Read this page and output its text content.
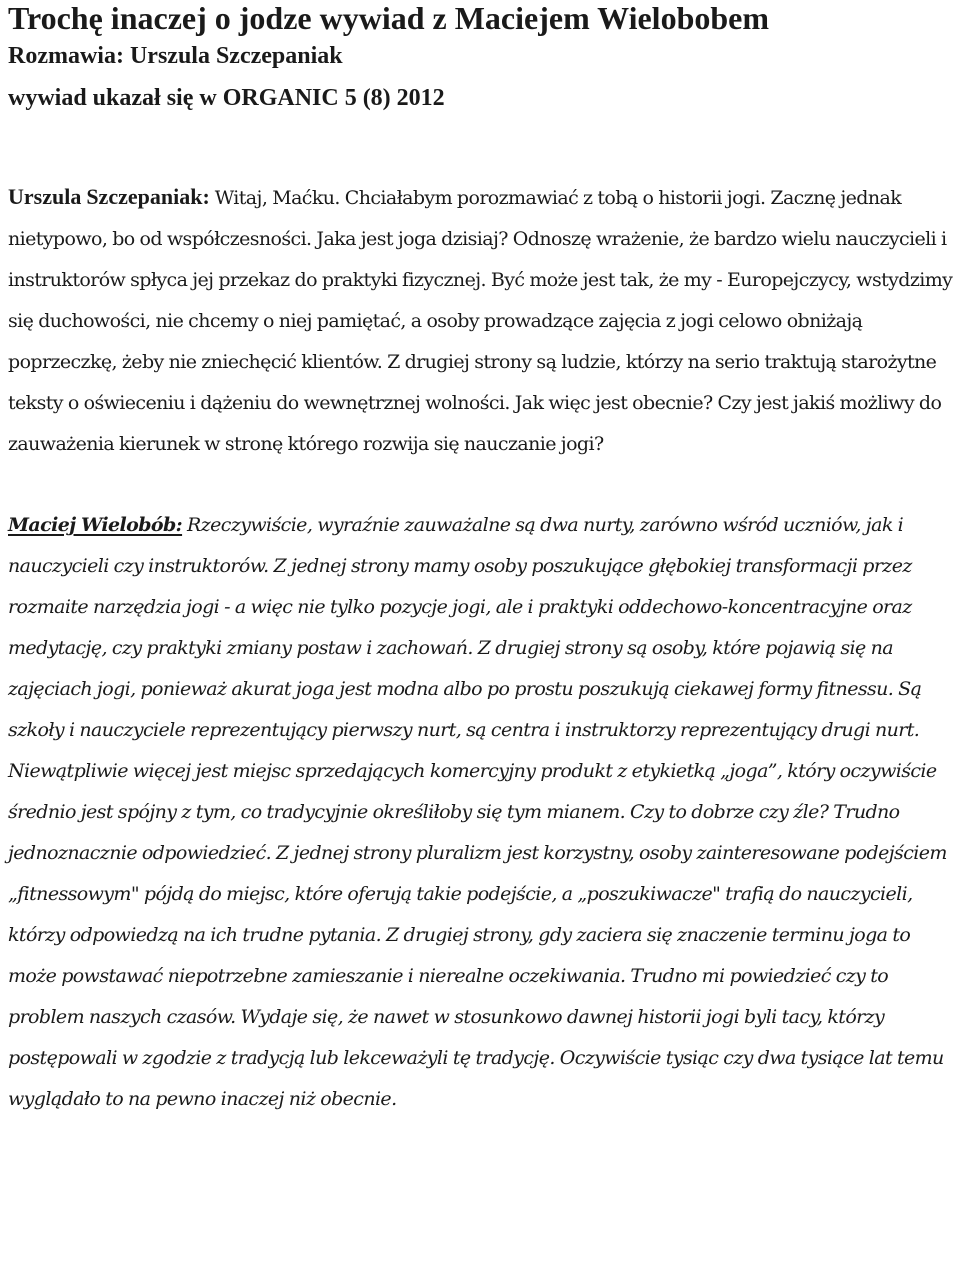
Trochę inaczej o jodze wywiad z Maciejem Wielobobem

Rozmawia: Urszula Szczepaniak

wywiad ukazał się w ORGANIC 5 (8) 2012

Urszula Szczepaniak: Witaj, Maćku. Chciałabym porozmawiać z tobą o historii jogi. Zacznę jednak nietypowo, bo od współczesności. Jaka jest joga dzisiaj? Odnoszę wrażenie, że bardzo wielu nauczycieli i instruktorów spłyca jej przekaz do praktyki fizycznej. Być może jest tak, że my - Europejczycy, wstydzimy się duchowości, nie chcemy o niej pamiętać, a osoby prowadzące zajęcia z jogi celowo obniżają poprzeczkę, żeby nie zniechęcić klientów. Z drugiej strony są ludzie, którzy na serio traktują starożytne teksty o oświeceniu i dążeniu do wewnętrznej wolności. Jak więc jest obecnie? Czy jest jakiś możliwy do zauważenia kierunek w stronę którego rozwija się nauczanie jogi?

Maciej Wielobób: Rzeczywiście, wyraźnie zauważalne są dwa nurty, zarówno wśród uczniów, jak i nauczycieli czy instruktorów. Z jednej strony mamy osoby poszukujące głębokiej transformacji przez rozmaite narzędzia jogi - a więc nie tylko pozycje jogi, ale i praktyki oddechowo-koncentracyjne oraz medytację, czy praktyki zmiany postaw i zachowań. Z drugiej strony są osoby, które pojawią się na zajęciach jogi, ponieważ akurat joga jest modna albo po prostu poszukują ciekawej formy fitnessu. Są szkoły i nauczyciele reprezentujący pierwszy nurt, są centra i instruktorzy reprezentujący drugi nurt. Niewątpliwie więcej jest miejsc sprzedających komercyjny produkt z etykietką „joga”, który oczywiście średnio jest spójny z tym, co tradycyjnie określiłoby się tym mianem. Czy to dobrze czy źle? Trudno jednoznacznie odpowiedzieć. Z jednej strony pluralizm jest korzystny, osoby zainteresowane podejściem „fitnessowym" pójdą do miejsc, które oferują takie podejście, a „poszukiwacze" trafią do nauczycieli, którzy odpowiedzą na ich trudne pytania. Z drugiej strony, gdy zaciera się znaczenie terminu joga to może powstawać niepotrzebne zamieszanie i nierealne oczekiwania. Trudno mi powiedzieć czy to problem naszych czasów. Wydaje się, że nawet w stosunkowo dawnej historii jogi byli tacy, którzy postępowali w zgodzie z tradycją lub lekceważyli tę tradycję. Oczywiście tysiąc czy dwa tysiące lat temu wyglądało to na pewno inaczej niż obecnie.
